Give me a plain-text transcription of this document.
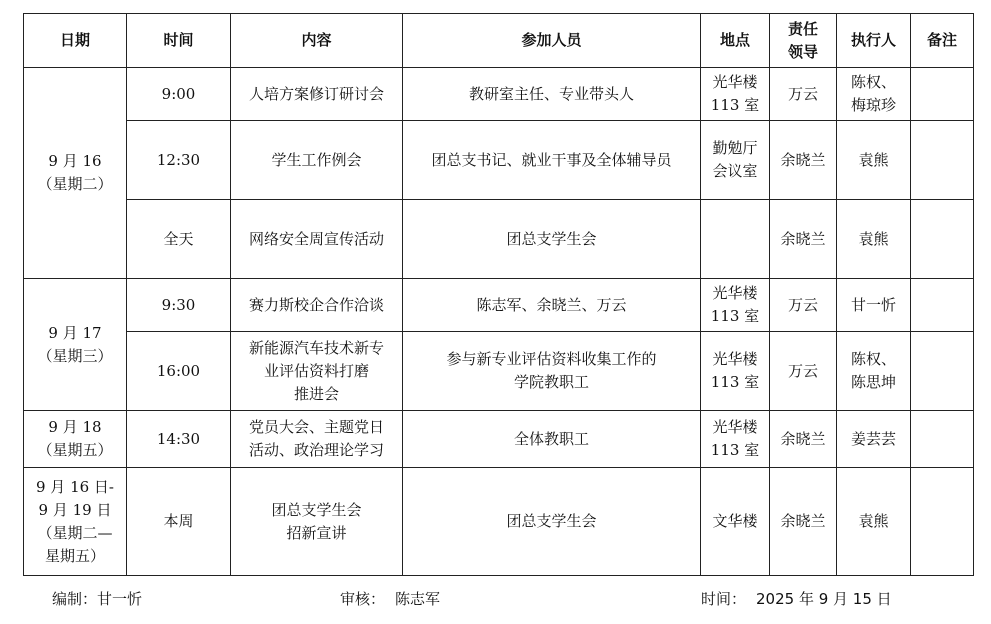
日期	时间	内容	参加人员	地点	责任
领导	执行人	备注

9 月 16
（星期二）	9:00	人培方案修订研讨会	教研室主任、专业带头人	光华楼
113 室	万云	陈权、
梅琼珍	

	12:30	学生工作例会	团总支书记、就业干事及全体辅导员	勤勉厅
会议室	余晓兰	袁熊	

	全天	网络安全周宣传活动	团总支学生会		余晓兰	袁熊	

9 月 17
（星期三）	9:30	赛力斯校企合作洽谈	陈志军、余晓兰、万云	光华楼
113 室	万云	甘一忻	

	16:00	新能源汽车技术新专
业评估资料打磨
推进会	参与新专业评估资料收集工作的
学院教职工	光华楼
113 室	万云	陈权、
陈思坤	

9 月 18
（星期五）	14:30	党员大会、主题党日
活动、政治理论学习	全体教职工	光华楼
113 室	余晓兰	姜芸芸	

9 月 16 日-
9 月 19 日
（星期二—
星期五）	本周	团总支学生会
招新宣讲	团总支学生会	文华楼	余晓兰	袁熊	

编制：甘一忻	审核： 陈志军	时间： 2025 年 9 月 15 日
